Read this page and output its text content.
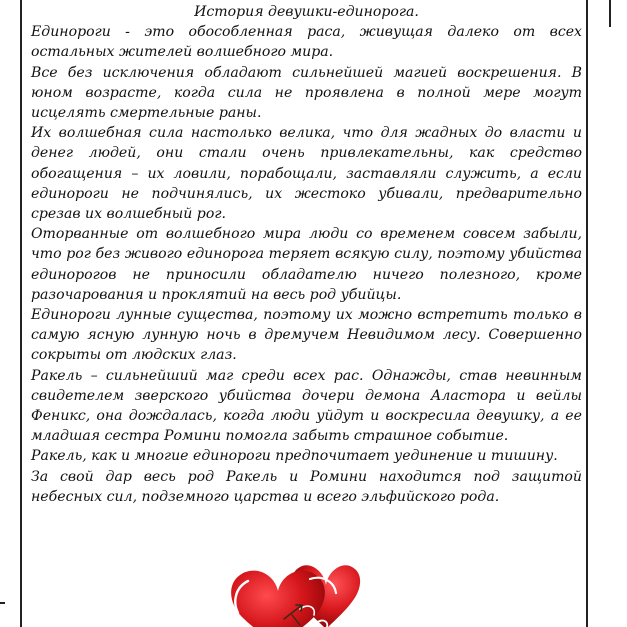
История девушки-единорога.

Единороги - это обособленная раса, живущая далеко от всех остальных жителей волшебного мира.

Все без исключения обладают сильнейшей магией воскрешения. В юном возрасте, когда сила не проявлена в полной мере могут исцелять смертельные раны.

Их волшебная сила настолько велика, что для жадных до власти и денег людей, они стали очень привлекательны, как средство обогащения – их ловили, порабощали, заставляли служить, а если единороги не подчинялись, их жестоко убивали, предварительно срезав их волшебный рог.

Оторванные от волшебного мира люди со временем совсем забыли, что рог без живого единорога теряет всякую силу, поэтому убийства единорогов не приносили обладателю ничего полезного, кроме разочарования и проклятий на весь род убийцы.

Единороги лунные существа, поэтому их можно встретить только в самую ясную лунную ночь в дремучем Невидимом лесу. Совершенно сокрыты от людских глаз.

Ракель – сильнейший маг среди всех рас. Однажды, став невинным свидетелем зверского убийства дочери демона Аластора и вейлы Феникс, она дождалась, когда люди уйдут и воскресила девушку, а ее младшая сестра Ромини помогла забыть страшное событие.

Ракель, как и многие единороги предпочитает уединение и тишину.

За свой дар весь род Ракель и Ромини находится под защитой небесных сил, подземного царства и всего эльфийского рода.
